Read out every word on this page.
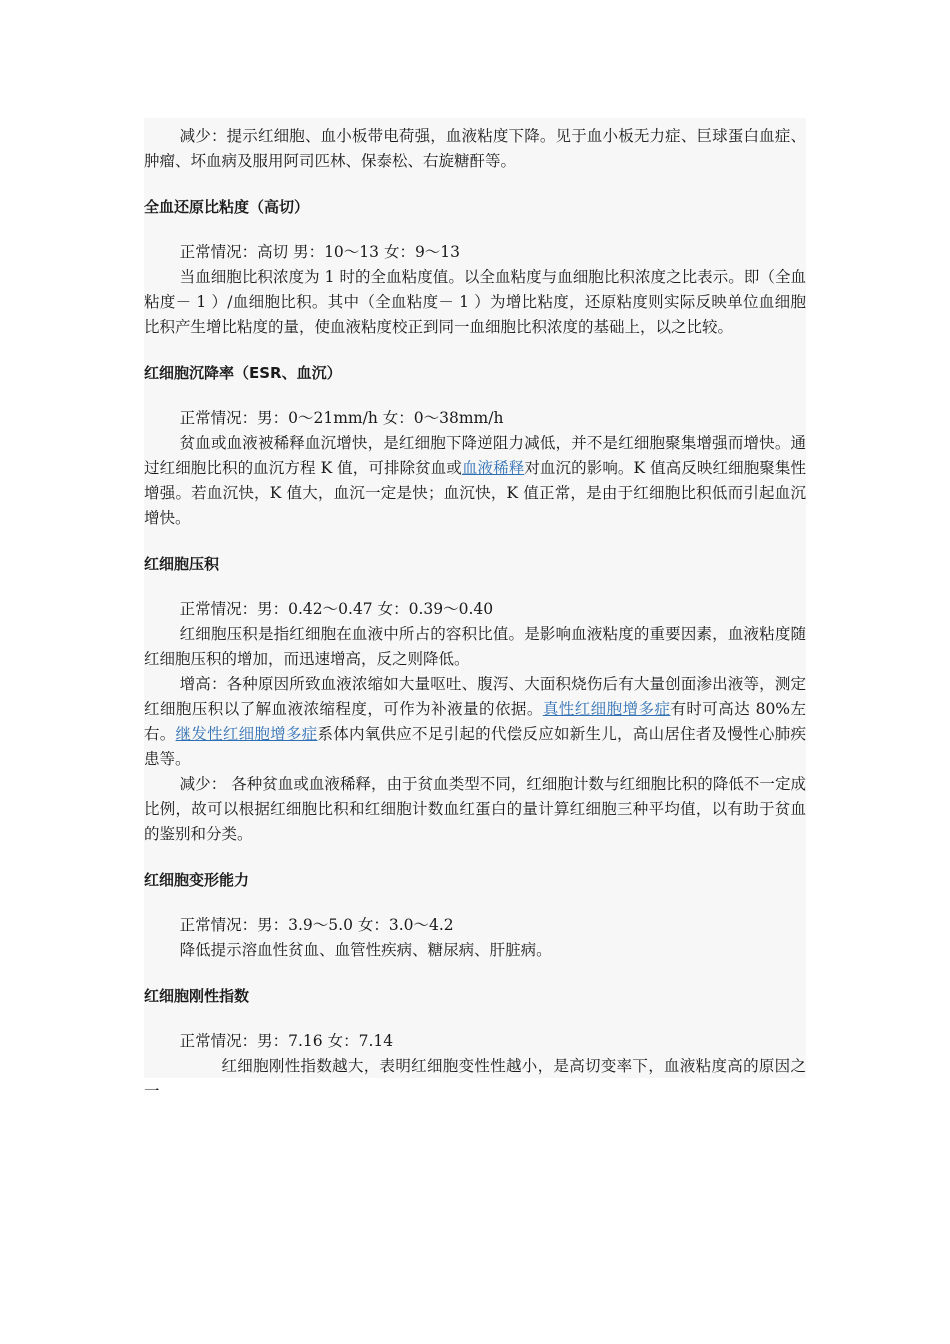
减少：提示红细胞、血小板带电荷强，血液粘度下降。见于血小板无力症、巨球蛋白血症、肿瘤、坏血病及服用阿司匹林、保泰松、右旋糖酐等。

全血还原比粘度（高切）

正常情况：高切 男：10～13 女：9～13

当血细胞比积浓度为 1 时的全血粘度值。以全血粘度与血细胞比积浓度之比表示。即（全血粘度－ 1 ）/血细胞比积。其中（全血粘度－ 1 ）为增比粘度，还原粘度则实际反映单位血细胞比积产生增比粘度的量，使血液粘度校正到同一血细胞比积浓度的基础上，以之比较。

红细胞沉降率（ESR、血沉）

正常情况：男：0～21mm/h 女：0～38mm/h

贫血或血液被稀释血沉增快，是红细胞下降逆阻力减低，并不是红细胞聚集增强而增快。通过红细胞比积的血沉方程 K 值，可排除贫血或血液稀释对血沉的影响。K 值高反映红细胞聚集性增强。若血沉快，K 值大，血沉一定是快；血沉快，K 值正常，是由于红细胞比积低而引起血沉增快。

红细胞压积

正常情况：男：0.42～0.47 女：0.39～0.40

红细胞压积是指红细胞在血液中所占的容积比值。是影响血液粘度的重要因素，血液粘度随红细胞压积的增加，而迅速增高，反之则降低。

增高：各种原因所致血液浓缩如大量呕吐、腹泻、大面积烧伤后有大量创面渗出液等，测定红细胞压积以了解血液浓缩程度，可作为补液量的依据。真性红细胞增多症有时可高达 80%左右。继发性红细胞增多症系体内氧供应不足引起的代偿反应如新生儿，高山居住者及慢性心肺疾患等。

减少： 各种贫血或血液稀释，由于贫血类型不同，红细胞计数与红细胞比积的降低不一定成比例，故可以根据红细胞比积和红细胞计数血红蛋白的量计算红细胞三种平均值，以有助于贫血的鉴别和分类。

红细胞变形能力

正常情况：男：3.9～5.0 女：3.0～4.2

降低提示溶血性贫血、血管性疾病、糖尿病、肝脏病。

红细胞刚性指数

正常情况：男：7.16 女：7.14

红细胞刚性指数越大，表明红细胞变性性越小，是高切变率下，血液粘度高的原因之一
